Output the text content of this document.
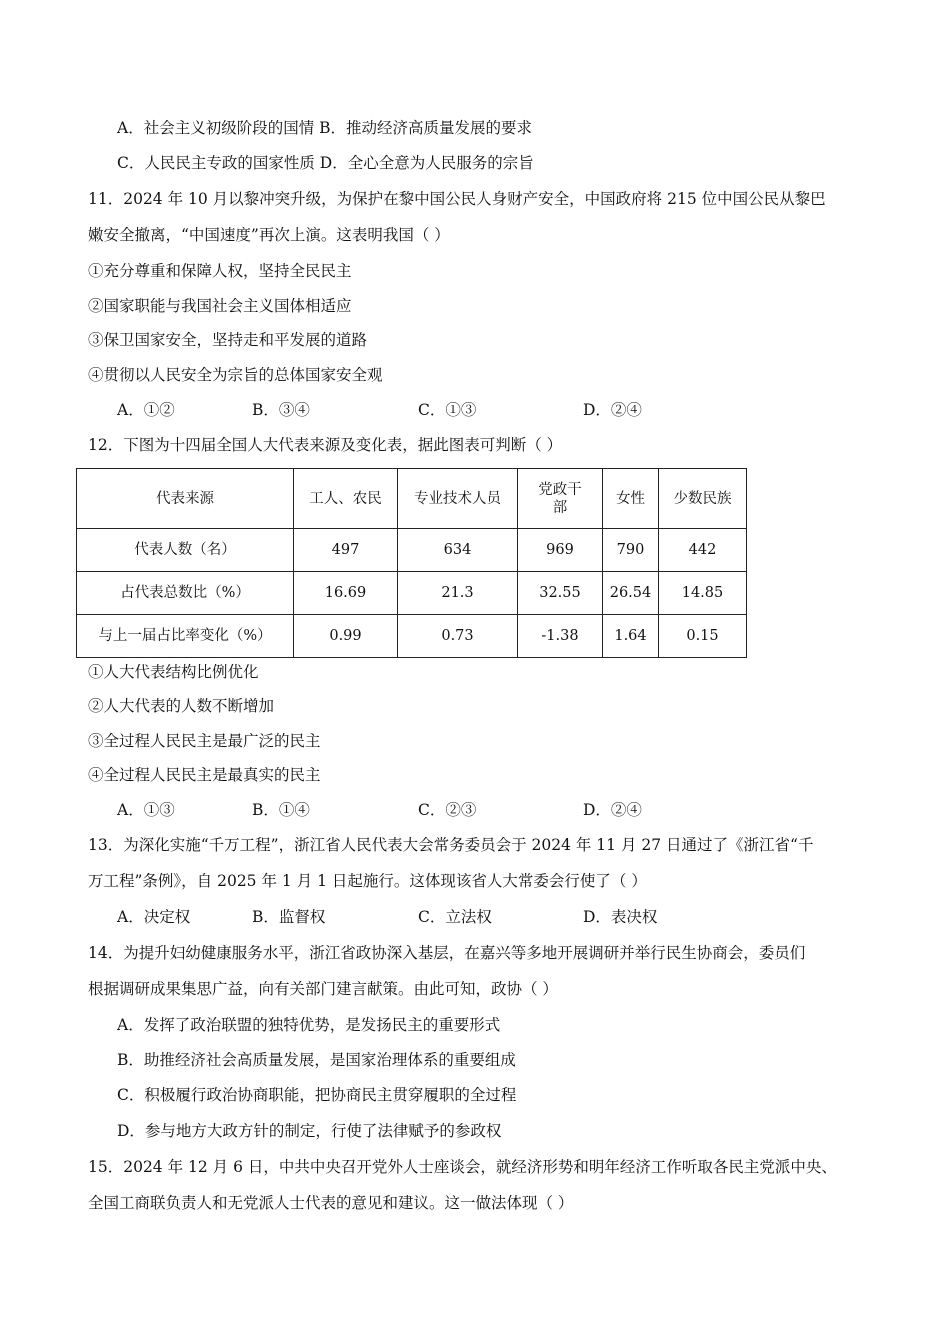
A．社会主义初级阶段的国情 B．推动经济高质量发展的要求
C．人民民主专政的国家性质 D．全心全意为人民服务的宗旨
11．2024 年 10 月以黎冲突升级，为保护在黎中国公民人身财产安全，中国政府将 215 位中国公民从黎巴
嫩安全撤离，“中国速度”再次上演。这表明我国（ ）
①充分尊重和保障人权，坚持全民民主
②国家职能与我国社会主义国体相适应
③保卫国家安全，坚持走和平发展的道路
④贯彻以人民安全为宗旨的总体国家安全观
A．①②	B．③④	C．①③	D．②④
12．下图为十四届全国人大代表来源及变化表，据此图表可判断（ ）
代表来源	工人、农民	专业技术人员	党政干部	女性	少数民族
代表人数（名）	497	634	969	790	442
占代表总数比（%）	16.69	21.3	32.55	26.54	14.85
与上一届占比率变化（%）	0.99	0.73	-1.38	1.64	0.15
①人大代表结构比例优化
②人大代表的人数不断增加
③全过程人民民主是最广泛的民主
④全过程人民民主是最真实的民主
A．①③	B．①④	C．②③	D．②④
13．为深化实施“千万工程”，浙江省人民代表大会常务委员会于 2024 年 11 月 27 日通过了《浙江省“千
万工程”条例》，自 2025 年 1 月 1 日起施行。这体现该省人大常委会行使了（ ）
A．决定权	B．监督权	C．立法权	D．表决权
14．为提升妇幼健康服务水平，浙江省政协深入基层，在嘉兴等多地开展调研并举行民生协商会，委员们
根据调研成果集思广益，向有关部门建言献策。由此可知，政协（ ）
A．发挥了政治联盟的独特优势，是发扬民主的重要形式
B．助推经济社会高质量发展，是国家治理体系的重要组成
C．积极履行政治协商职能，把协商民主贯穿履职的全过程
D．参与地方大政方针的制定，行使了法律赋予的参政权
15．2024 年 12 月 6 日，中共中央召开党外人士座谈会，就经济形势和明年经济工作听取各民主党派中央、
全国工商联负责人和无党派人士代表的意见和建议。这一做法体现（ ）
